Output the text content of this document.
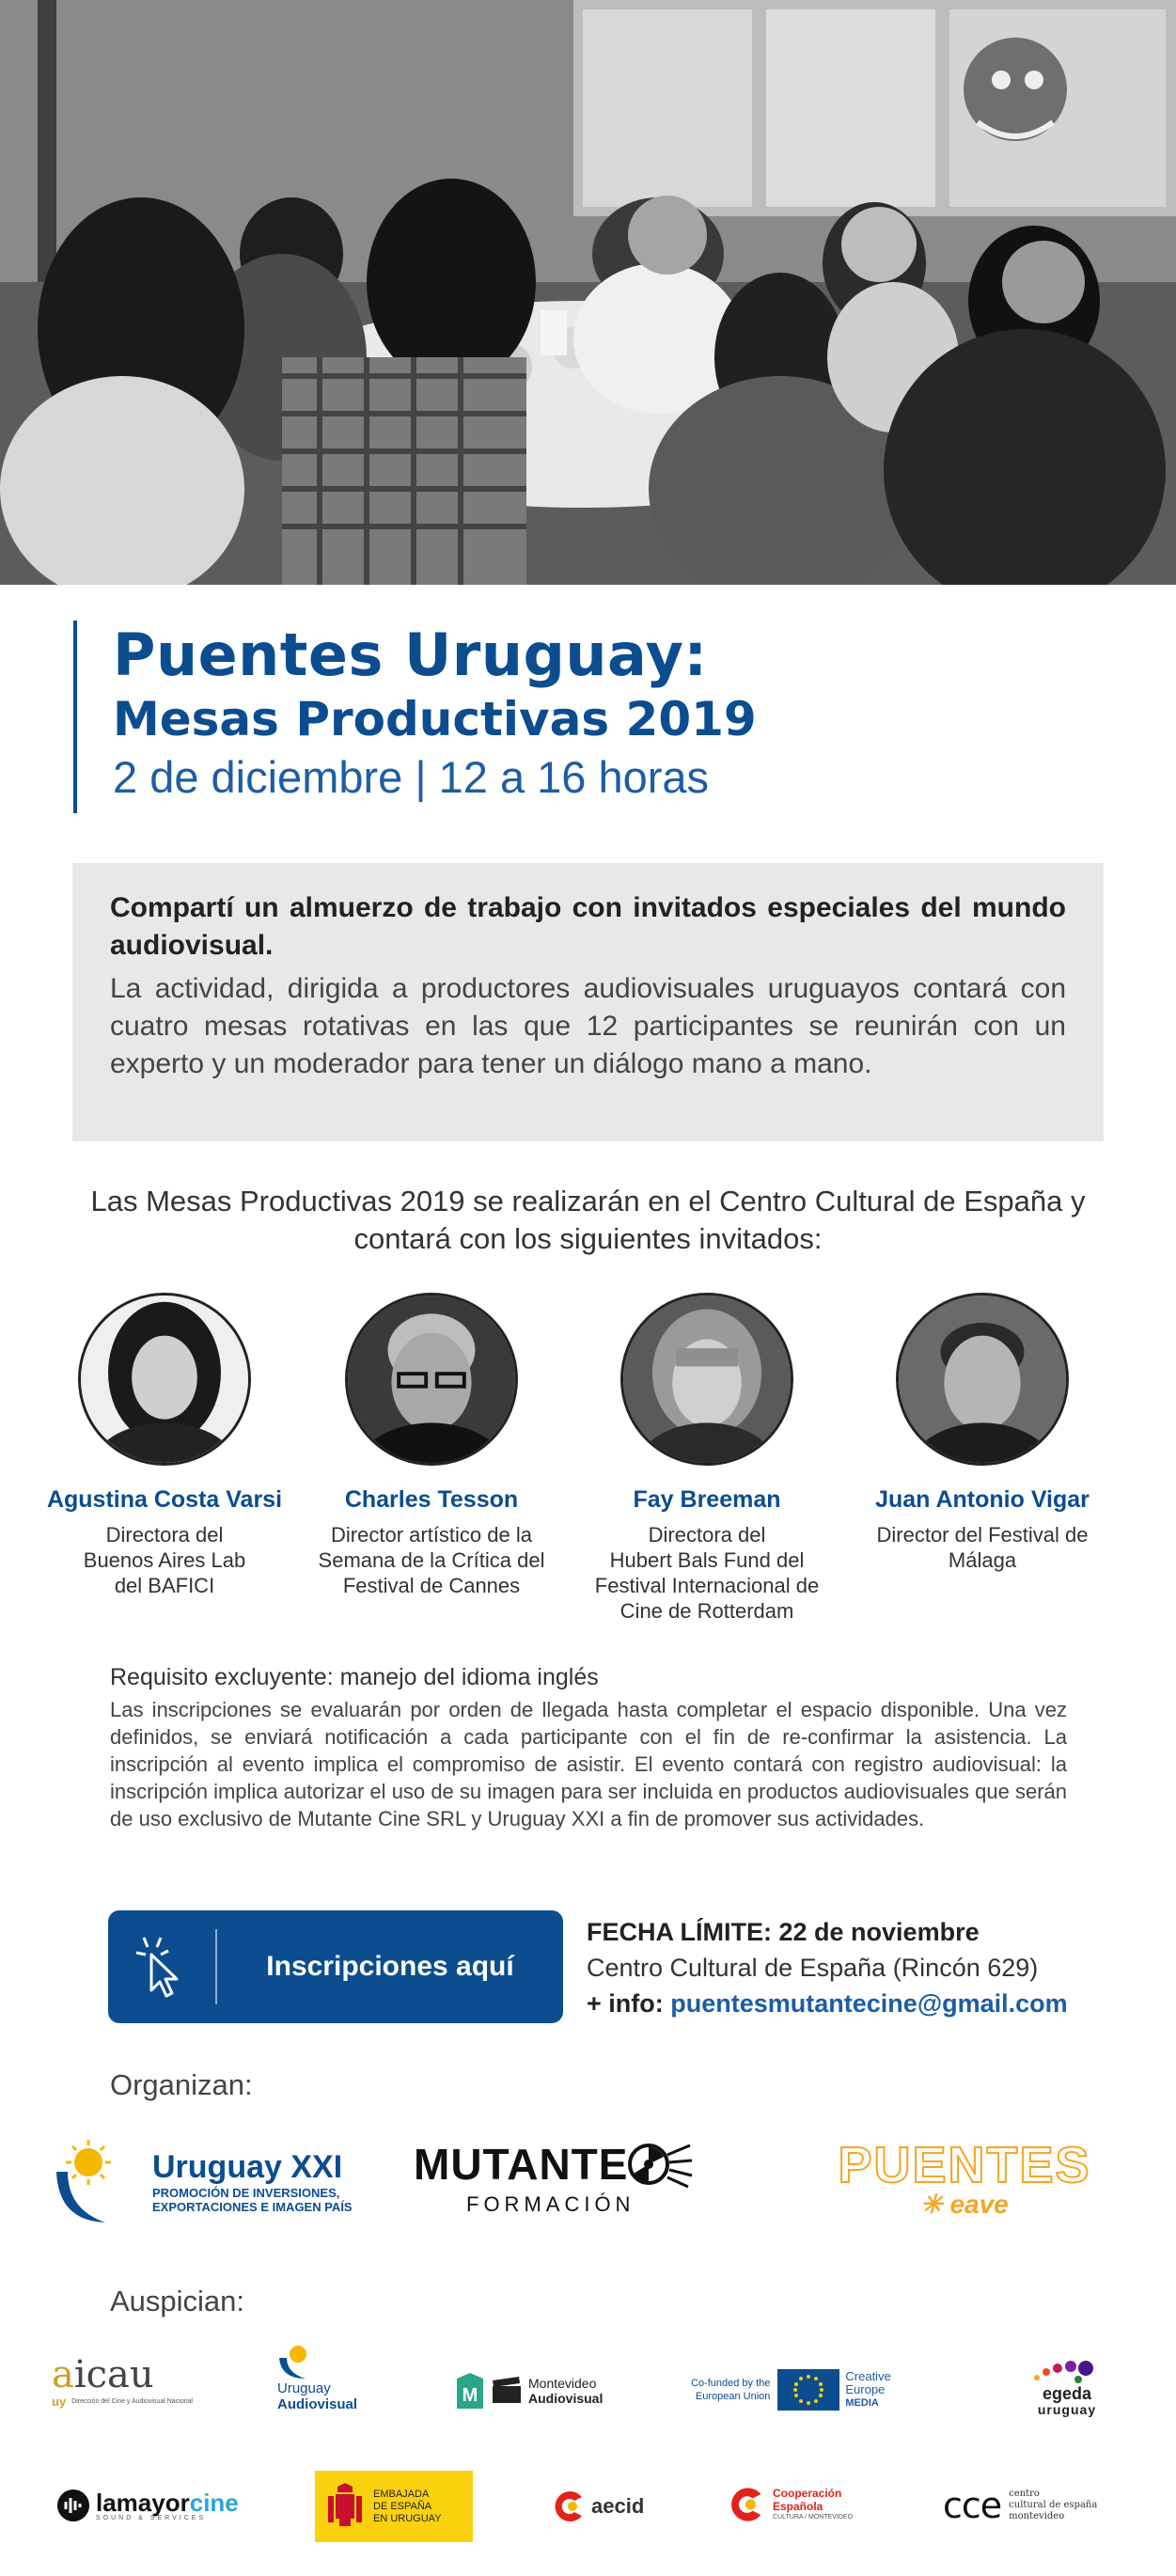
Puentes Uruguay:
Mesas Productivas 2019
2 de diciembre | 12 a 16 horas
Compartí un almuerzo de trabajo con invitados especiales del mundo audiovisual.
La actividad, dirigida a productores audiovisuales uruguayos contará con cuatro mesas rotativas en las que 12 participantes se reunirán con un experto y un moderador para tener un diálogo mano a mano.
Las Mesas Productivas 2019 se realizarán en el Centro Cultural de España y contará con los siguientes invitados:
Agustina Costa Varsi
Directora del
Buenos Aires Lab
del BAFICI
Charles Tesson
Director artístico de la
Semana de la Crítica del
Festival de Cannes
Fay Breeman
Directora del
Hubert Bals Fund del
Festival Internacional de
Cine de Rotterdam
Juan Antonio Vigar
Director del Festival de
Málaga
Requisito excluyente: manejo del idioma inglés
Las inscripciones se evaluarán por orden de llegada hasta completar el espacio disponible. Una vez definidos, se enviará notificación a cada participante con el fin de re-confirmar la asistencia. La inscripción al evento implica el compromiso de asistir. El evento contará con registro audiovisual: la inscripción implica autorizar el uso de su imagen para ser incluida en productos audiovisuales que serán de uso exclusivo de Mutante Cine SRL y Uruguay XXI a fin de promover sus actividades.
Inscripciones aquí
FECHA LÍMITE: 22 de noviembre
Centro Cultural de España (Rincón 629)
+ info: puentesmutantecine@gmail.com
Organizan:
Uruguay XXI
PROMOCIÓN DE INVERSIONES,
EXPORTACIONES E IMAGEN PAÍS
MUTANTE
FORMACIÓN
PUENTES
✳ eave
Auspician:
aicau
uy Dirección del Cine y Audiovisual Nacional
Uruguay
Audiovisual	M
Montevideo
Audiovisual
Co-funded by the
European Union
Creative
Europe
MEDIA	egeda
uruguay
lamayorcine
SOUND & SERVICES
EMBAJADA
DE ESPAÑA
EN URUGUAY
aecid
Cooperación
Española
CULTURA / MONTEVIDEO	cce centro
cultural de españa
montevideo
